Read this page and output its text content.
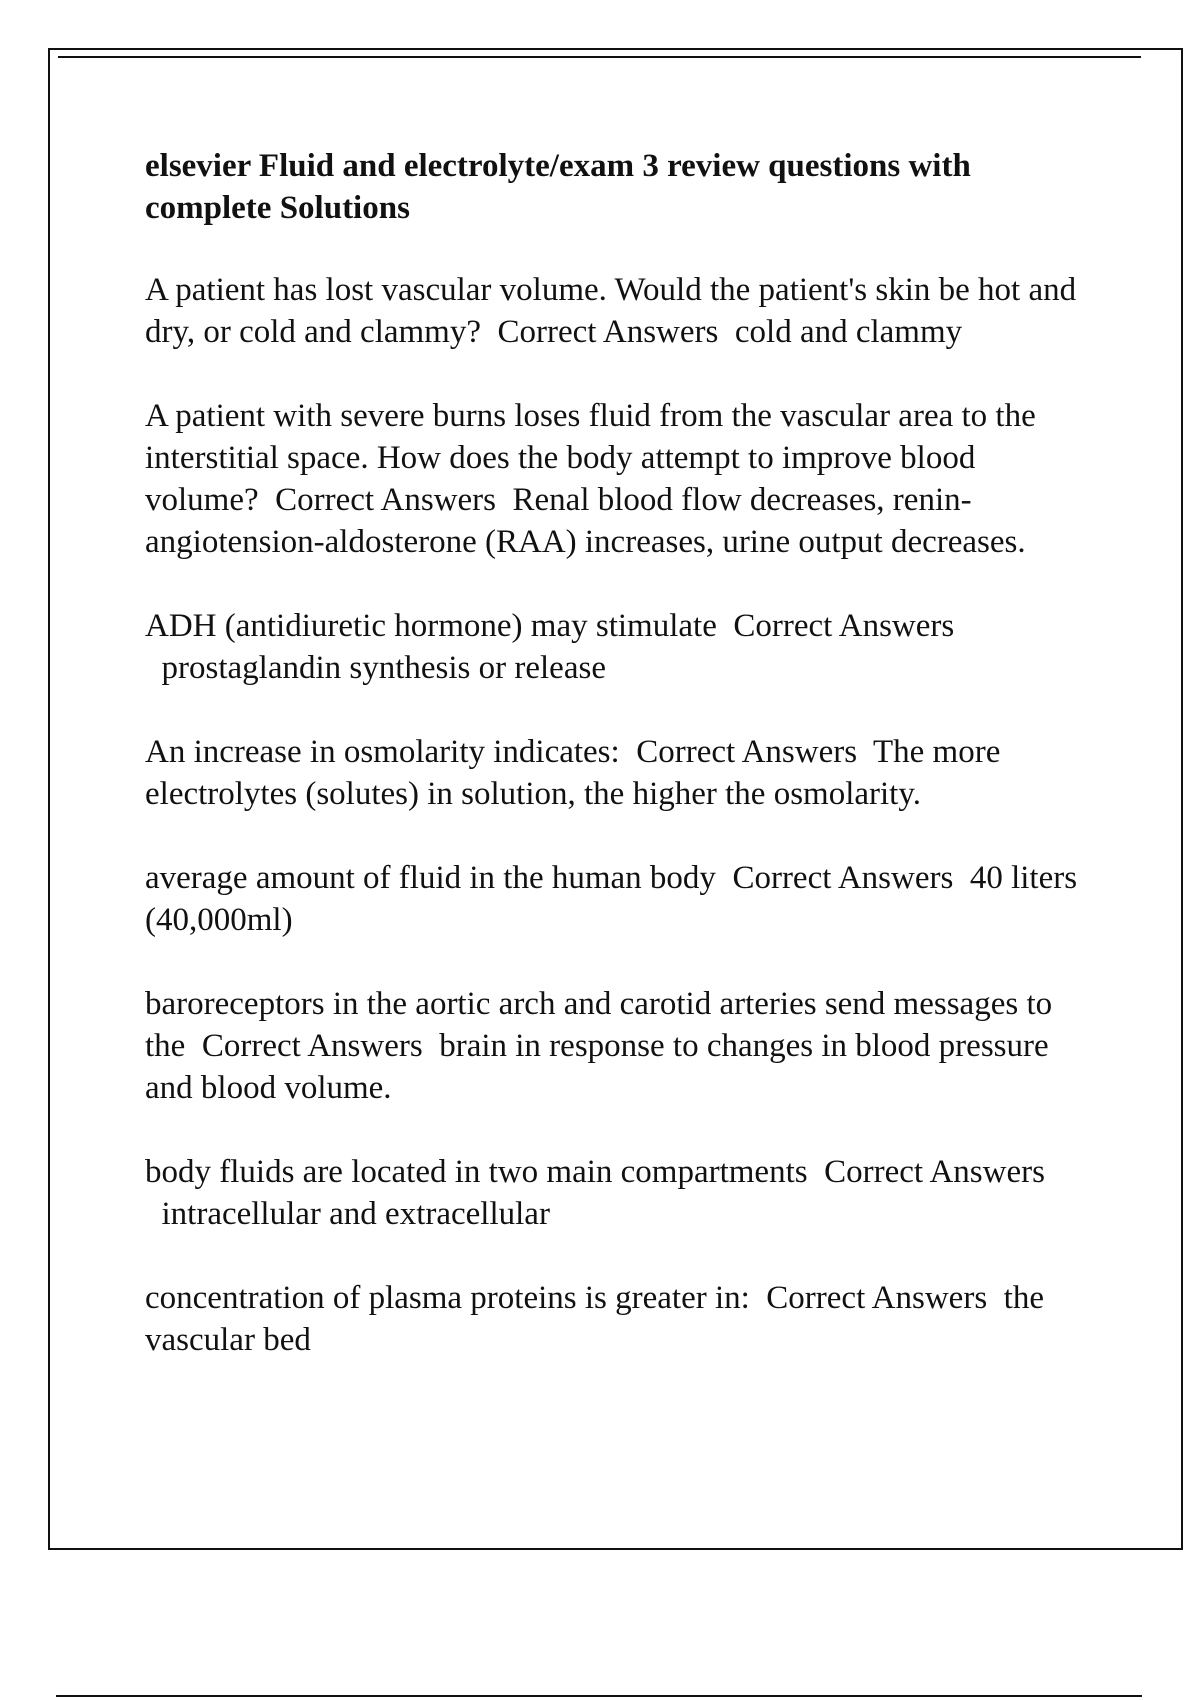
elsevier Fluid and electrolyte/exam 3 review questions with complete Solutions
A patient has lost vascular volume. Would the patient's skin be hot and dry, or cold and clammy? Correct Answers cold and clammy
A patient with severe burns loses fluid from the vascular area to the interstitial space. How does the body attempt to improve blood volume? Correct Answers Renal blood flow decreases, renin-angiotension-aldosterone (RAA) increases, urine output decreases.
ADH (antidiuretic hormone) may stimulate Correct Answers  prostaglandin synthesis or release
An increase in osmolarity indicates: Correct Answers The more electrolytes (solutes) in solution, the higher the osmolarity.
average amount of fluid in the human body Correct Answers 40 liters (40,000ml)
baroreceptors in the aortic arch and carotid arteries send messages to the Correct Answers brain in response to changes in blood pressure and blood volume.
body fluids are located in two main compartments Correct Answers  intracellular and extracellular
concentration of plasma proteins is greater in: Correct Answers the vascular bed
